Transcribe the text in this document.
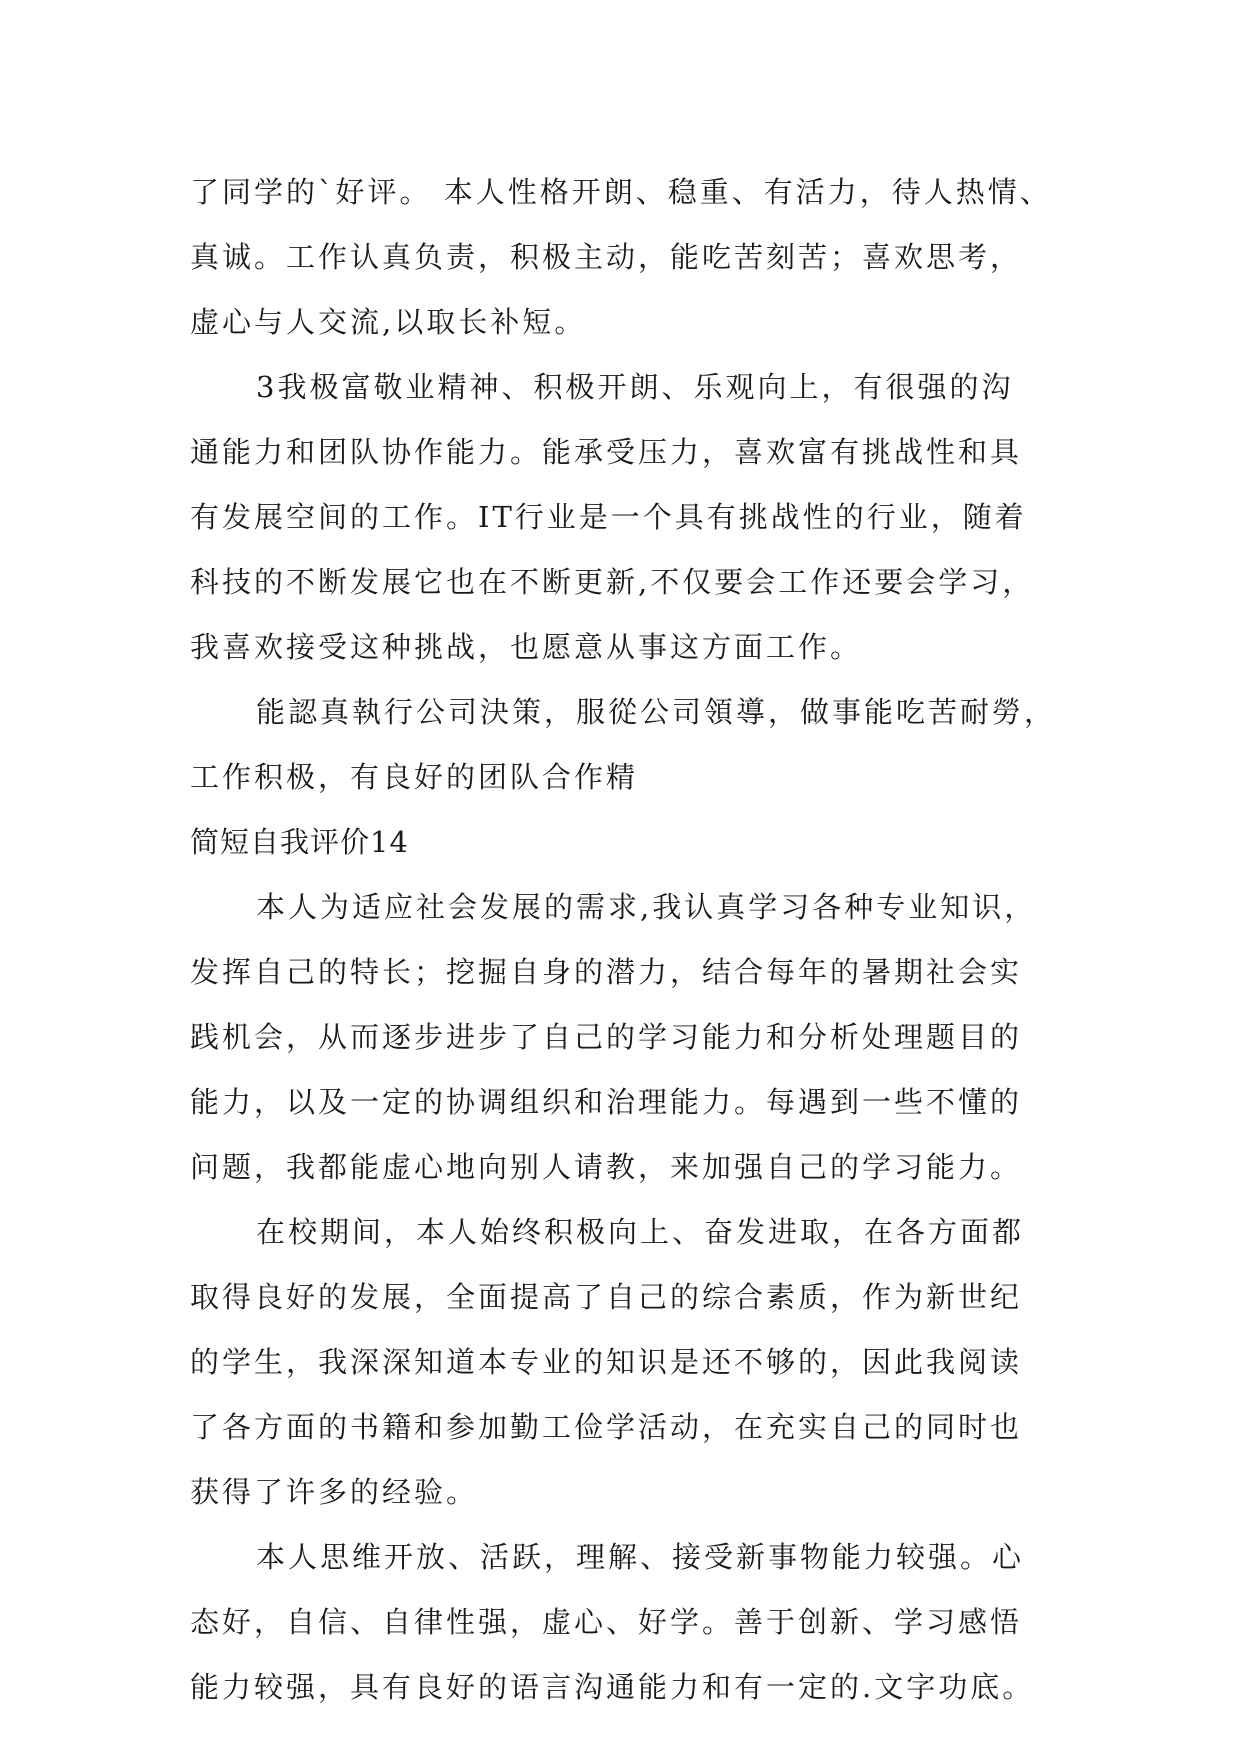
了同学的`好评。 本人性格开朗、稳重、有活力，待人热情、
真诚。工作认真负责，积极主动，能吃苦刻苦；喜欢思考，
虚心与人交流,以取长补短。
3我极富敬业精神、积极开朗、乐观向上，有很强的沟
通能力和团队协作能力。能承受压力，喜欢富有挑战性和具
有发展空间的工作。IT行业是一个具有挑战性的行业，随着
科技的不断发展它也在不断更新,不仅要会工作还要会学习，
我喜欢接受这种挑战，也愿意从事这方面工作。
能認真執行公司決策，服從公司領導，做事能吃苦耐勞，
工作积极，有良好的团队合作精
简短自我评价14
本人为适应社会发展的需求,我认真学习各种专业知识，
发挥自己的特长；挖掘自身的潜力，结合每年的暑期社会实
践机会，从而逐步进步了自己的学习能力和分析处理题目的
能力，以及一定的协调组织和治理能力。每遇到一些不懂的
问题，我都能虚心地向别人请教，来加强自己的学习能力。
在校期间，本人始终积极向上、奋发进取，在各方面都
取得良好的发展，全面提高了自己的综合素质，作为新世纪
的学生，我深深知道本专业的知识是还不够的，因此我阅读
了各方面的书籍和参加勤工俭学活动，在充实自己的同时也
获得了许多的经验。
本人思维开放、活跃，理解、接受新事物能力较强。心
态好，自信、自律性强，虚心、好学。善于创新、学习感悟
能力较强，具有良好的语言沟通能力和有一定的.文字功底。
